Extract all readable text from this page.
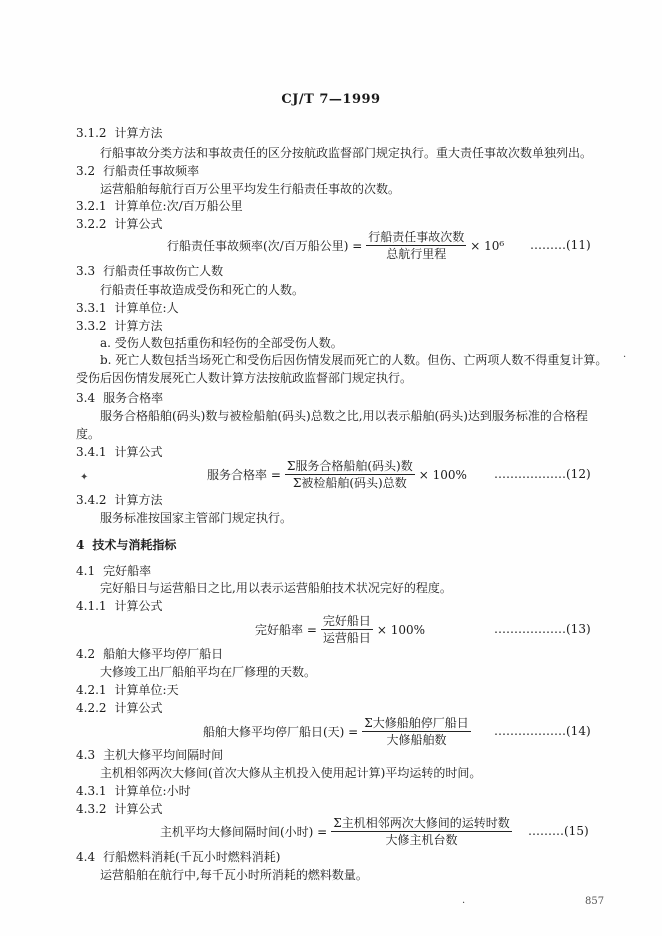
CJ/T 7—1999
3.1.2 计算方法
行船事故分类方法和事故责任的区分按航政监督部门规定执行。重大责任事故次数单独列出。
3.2 行船责任事故频率
运营船舶每航行百万公里平均发生行船责任事故的次数。
3.2.1 计算单位:次/百万船公里
3.2.2 计算公式
行船责任事故频率(次/百万船公里) = $\frac{\text{行船责任事故次数}}{\text{总航行里程}} \times 10^6$ ………(11)
3.3 行船责任事故伤亡人数
行船责任事故造成受伤和死亡的人数。
3.3.1 计算单位:人
3.3.2 计算方法
a. 受伤人数包括重伤和轻伤的全部受伤人数。
b. 死亡人数包括当场死亡和受伤后因伤情发展而死亡的人数。但伤、亡两项人数不得重复计算。
受伤后因伤情发展死亡人数计算方法按航政监督部门规定执行。
3.4 服务合格率
服务合格船舶(码头)数与被检船舶(码头)总数之比,用以表示船舶(码头)达到服务标准的合格程
度。
3.4.1 计算公式
服务合格率 = $\frac{\text{Σ服务合格船舶(码头)数}}{\text{Σ被检船舶(码头)总数}} \times 100\%$ ………………(12)
✦
3.4.2 计算方法
服务标准按国家主管部门规定执行。
4 技术与消耗指标
4.1 完好船率
完好船日与运营船日之比,用以表示运营船舶技术状况完好的程度。
4.1.1 计算公式
完好船率 = $\frac{\text{完好船日}}{\text{运营船日}} \times 100\%$	………………(13)
4.2 船舶大修平均停厂船日
大修竣工出厂船舶平均在厂修理的天数。
4.2.1 计算单位:天
4.2.2 计算公式
船舶大修平均停厂船日(天) = $\frac{\text{Σ大修船舶停厂船日}}{\text{大修船舶数}}$ ………………(14)
4.3 主机大修平均间隔时间
主机相邻两次大修间(首次大修从主机投入使用起计算)平均运转的时间。
4.3.1 计算单位:小时
4.3.2 计算公式
主机平均大修间隔时间(小时) = $\frac{\text{Σ主机相邻两次大修间的运转时数}}{\text{大修主机台数}}$ ………(15)
4.4 行船燃料消耗(千瓦小时燃料消耗)
运营船舶在航行中,每千瓦小时所消耗的燃料数量。
·
·	857
